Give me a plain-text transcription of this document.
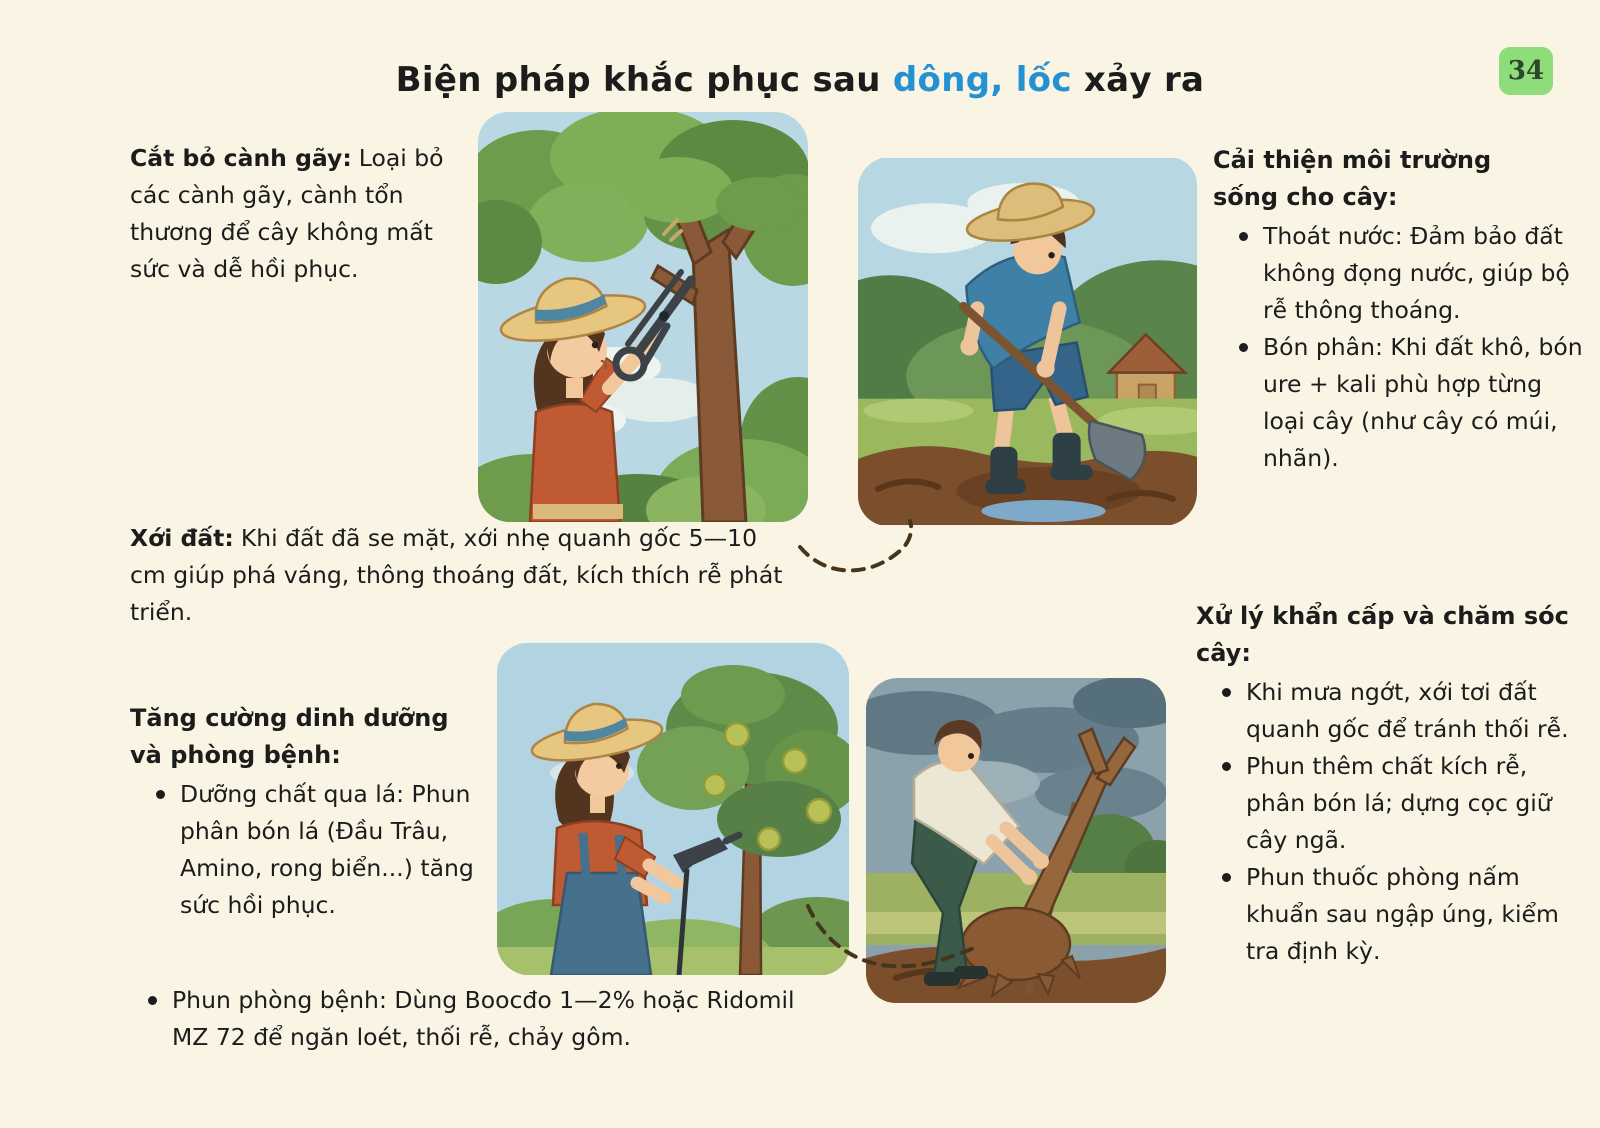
Biện pháp khắc phục sau dông, lốc xảy ra	34

Cắt bỏ cành gãy: Loại bỏ các cành gãy, cành tổn thương để cây không mất sức và dễ hồi phục.

Cải thiện môi trường sống cho cây:

Thoát nước: Đảm bảo đất không đọng nước, giúp bộ rễ thông thoáng.
Bón phân: Khi đất khô, bón ure + kali phù hợp từng loại cây (như cây có múi, nhãn).

Xới đất: Khi đất đã se mặt, xới nhẹ quanh gốc 5—10 cm giúp phá váng, thông thoáng đất, kích thích rễ phát triển.

Tăng cường dinh dưỡng và phòng bệnh:

Dưỡng chất qua lá: Phun phân bón lá (Đầu Trâu, Amino, rong biển...) tăng sức hồi phục.
Phun phòng bệnh: Dùng Boocđo 1—2% hoặc Ridomil MZ 72 để ngăn loét, thối rễ, chảy gôm.

Xử lý khẩn cấp và chăm sóc cây:

Khi mưa ngớt, xới tơi đất quanh gốc để tránh thối rễ.
Phun thêm chất kích rễ, phân bón lá; dựng cọc giữ cây ngã.
Phun thuốc phòng nấm khuẩn sau ngập úng, kiểm tra định kỳ.
